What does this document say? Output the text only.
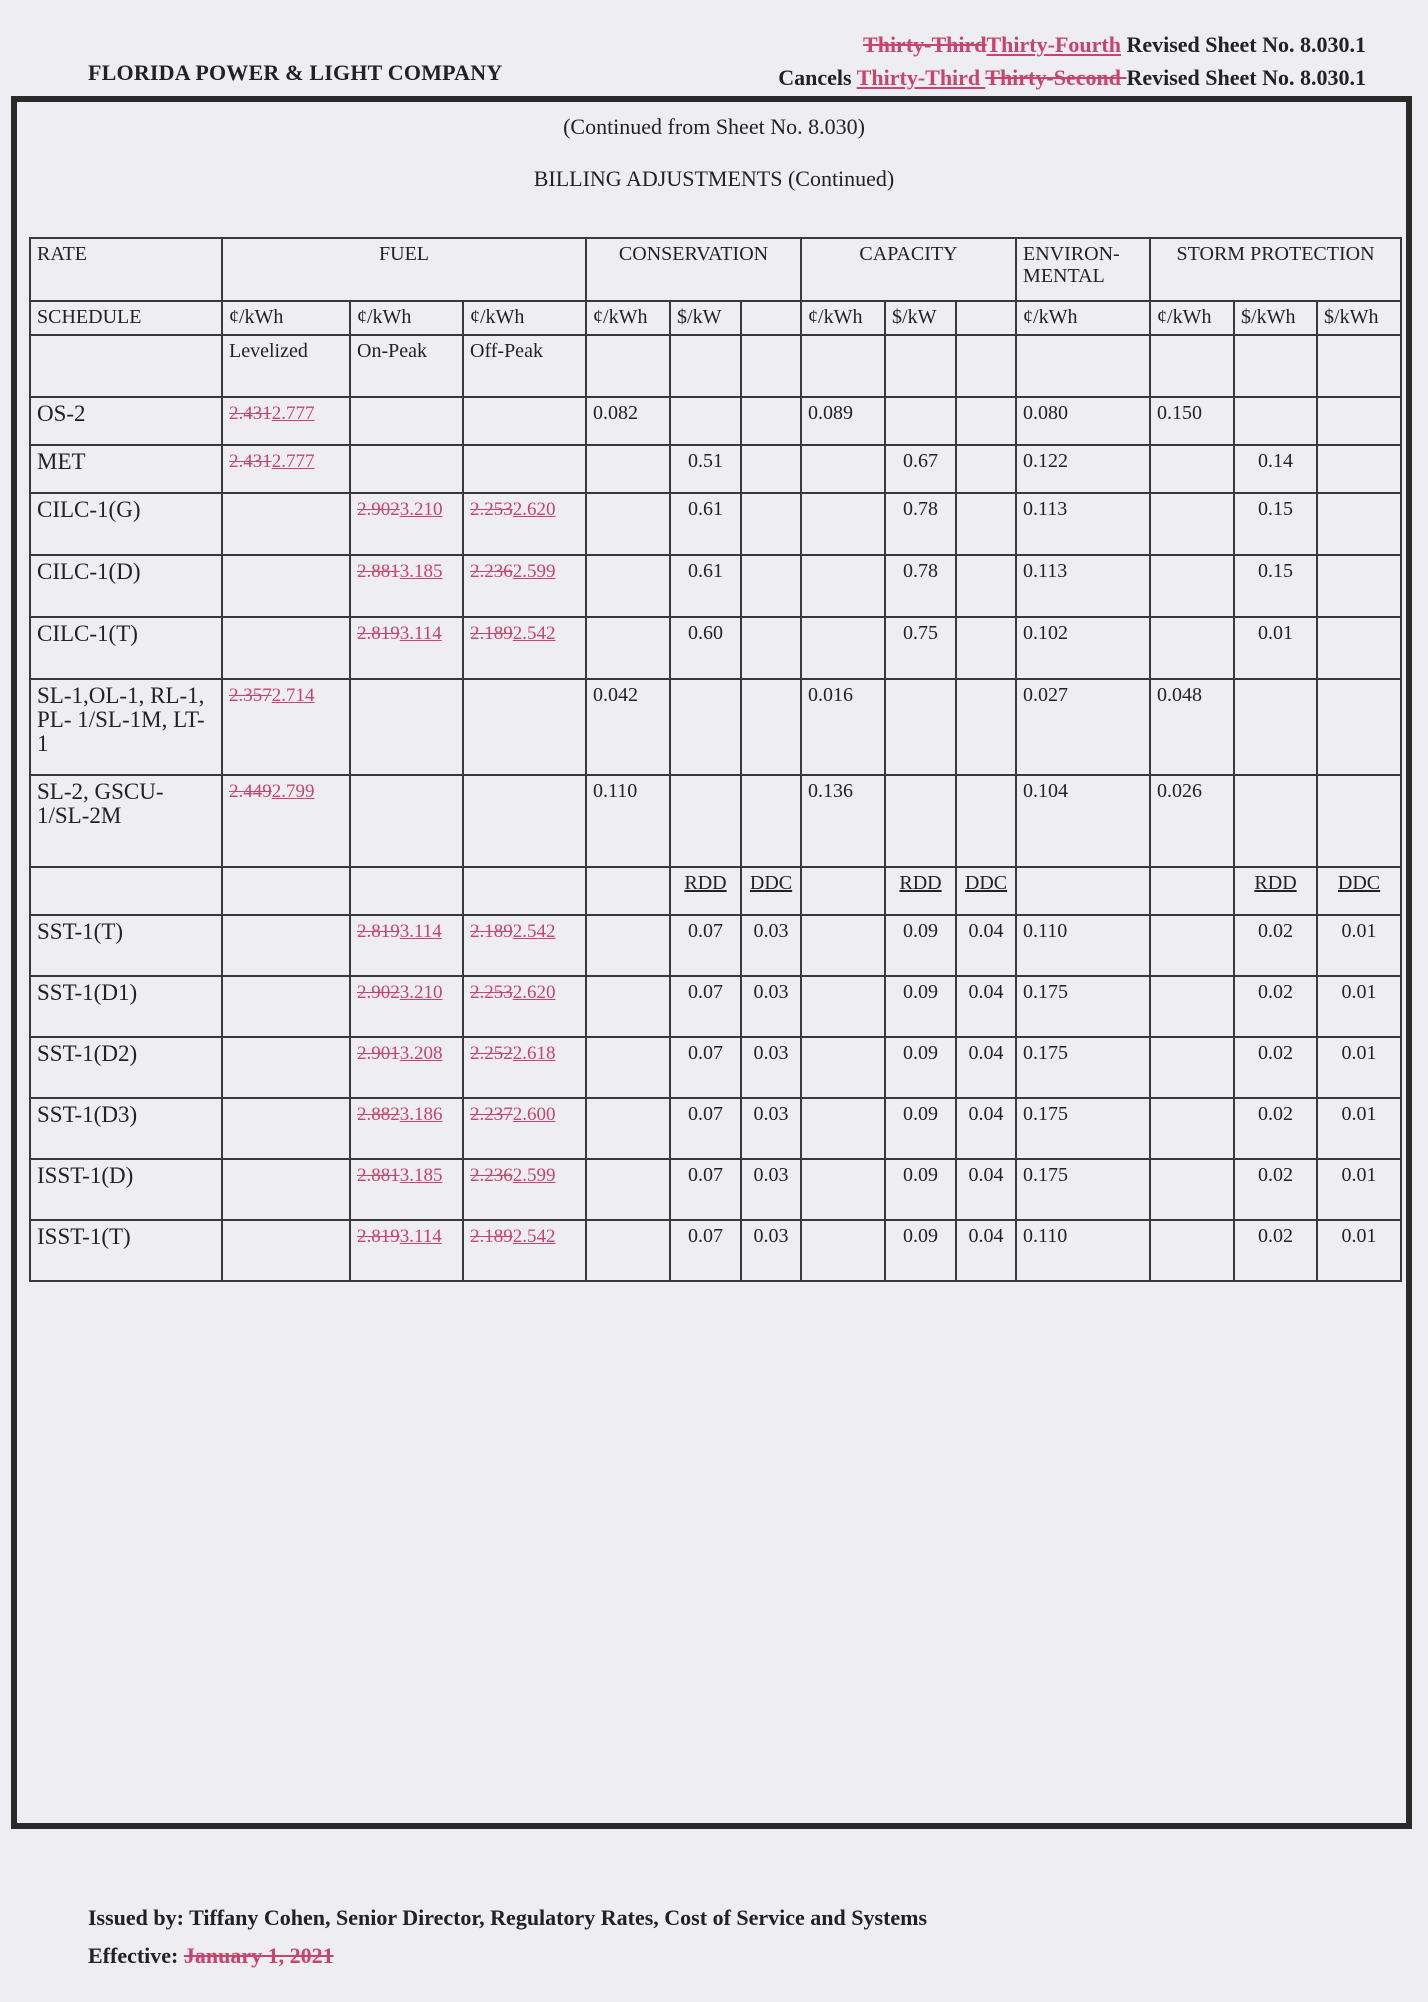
Thirty-ThirdThirty-Fourth Revised Sheet No. 8.030.1
Cancels Thirty-Third Thirty-Second Revised Sheet No. 8.030.1
FLORIDA POWER & LIGHT COMPANY
(Continued from Sheet No. 8.030)
BILLING ADJUSTMENTS (Continued)
RATE	FUEL			CONSERVATION			CAPACITY			ENVIRON- MENTAL	STORM PROTECTION		
SCHEDULE	¢/kWh	¢/kWh	¢/kWh	¢/kWh	$/kW		¢/kWh	$/kW		¢/kWh	¢/kWh	$/kWh	$/kWh
	Levelized	On-Peak	Off-Peak										
OS-2	2.4312.777			0.082			0.089			0.080	0.150		
MET	2.4312.777				0.51			0.67		0.122		0.14	
CILC-1(G)		2.9023.210	2.2532.620		0.61			0.78		0.113		0.15	
CILC-1(D)		2.8813.185	2.2362.599		0.61			0.78		0.113		0.15	
CILC-1(T)		2.8193.114	2.1892.542		0.60			0.75		0.102		0.01	
SL-1,OL-1, RL-1, PL- 1/SL-1M, LT-1	2.3572.714			0.042			0.016			0.027	0.048		
SL-2, GSCU-1/SL-2M	2.4492.799			0.110			0.136			0.104	0.026		
					RDD	DDC		RDD	DDC			RDD	DDC
SST-1(T)		2.8193.114	2.1892.542		0.07	0.03		0.09	0.04	0.110		0.02	0.01
SST-1(D1)		2.9023.210	2.2532.620		0.07	0.03		0.09	0.04	0.175		0.02	0.01
SST-1(D2)		2.9013.208	2.2522.618		0.07	0.03		0.09	0.04	0.175		0.02	0.01
SST-1(D3)		2.8823.186	2.2372.600		0.07	0.03		0.09	0.04	0.175		0.02	0.01
ISST-1(D)		2.8813.185	2.2362.599		0.07	0.03		0.09	0.04	0.175		0.02	0.01
ISST-1(T)		2.8193.114	2.1892.542		0.07	0.03		0.09	0.04	0.110		0.02	0.01
Issued by: Tiffany Cohen, Senior Director, Regulatory Rates, Cost of Service and Systems
Effective: January 1, 2021
